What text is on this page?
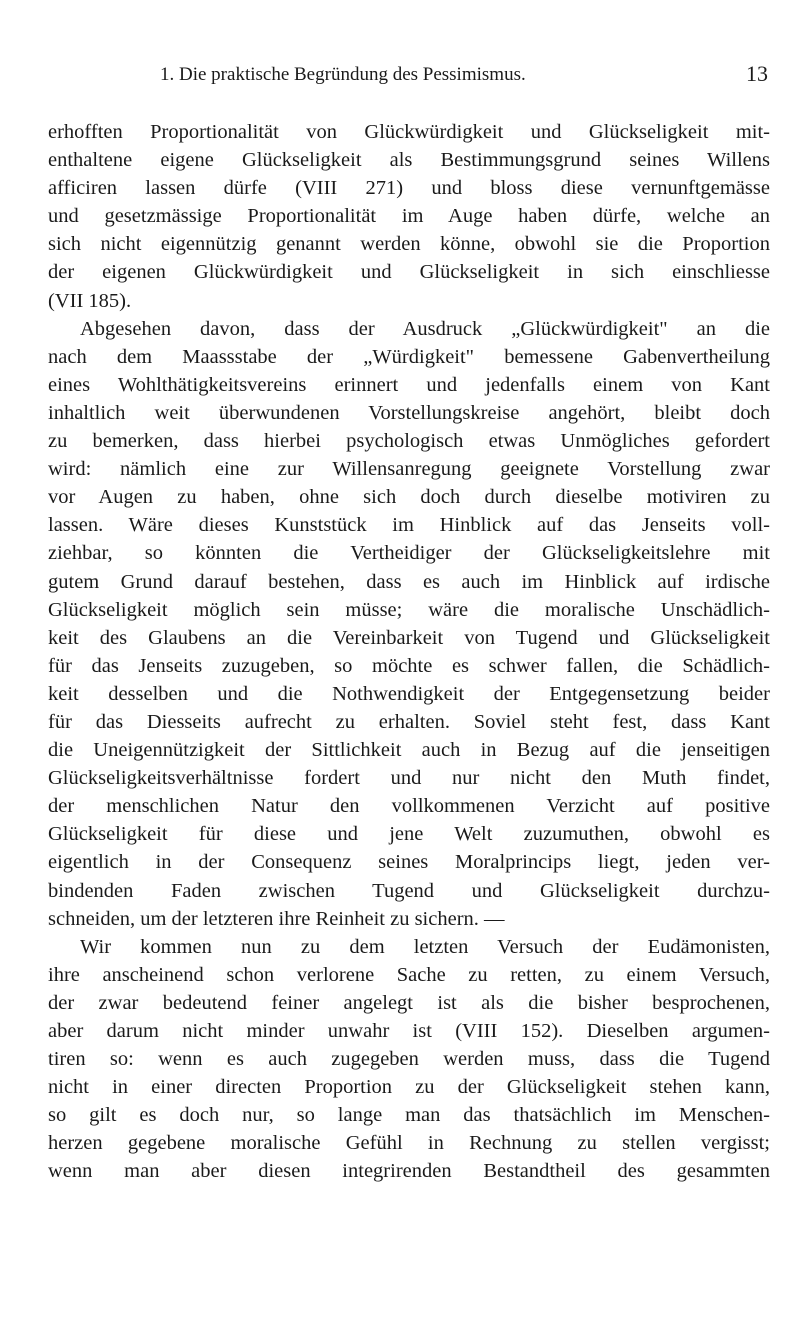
1. Die praktische Begründung des Pessimismus.	13
erhofften Proportionalität von Glückwürdigkeit und Glückseligkeit mit-
enthaltene eigene Glückseligkeit als Bestimmungsgrund seines Willens
afficiren lassen dürfe (VIII 271) und bloss diese vernunftgemässe
und gesetzmässige Proportionalität im Auge haben dürfe, welche an
sich nicht eigennützig genannt werden könne, obwohl sie die Proportion
der eigenen Glückwürdigkeit und Glückseligkeit in sich einschliesse
(VII 185).
Abgesehen davon, dass der Ausdruck „Glückwürdigkeit" an die
nach dem Maassstabe der „Würdigkeit" bemessene Gabenvertheilung
eines Wohlthätigkeitsvereins erinnert und jedenfalls einem von Kant
inhaltlich weit überwundenen Vorstellungskreise angehört, bleibt doch
zu bemerken, dass hierbei psychologisch etwas Unmögliches gefordert
wird: nämlich eine zur Willensanregung geeignete Vorstellung zwar
vor Augen zu haben, ohne sich doch durch dieselbe motiviren zu
lassen. Wäre dieses Kunststück im Hinblick auf das Jenseits voll-
ziehbar, so könnten die Vertheidiger der Glückseligkeitslehre mit
gutem Grund darauf bestehen, dass es auch im Hinblick auf irdische
Glückseligkeit möglich sein müsse; wäre die moralische Unschädlich-
keit des Glaubens an die Vereinbarkeit von Tugend und Glückseligkeit
für das Jenseits zuzugeben, so möchte es schwer fallen, die Schädlich-
keit desselben und die Nothwendigkeit der Entgegensetzung beider
für das Diesseits aufrecht zu erhalten. Soviel steht fest, dass Kant
die Uneigennützigkeit der Sittlichkeit auch in Bezug auf die jenseitigen
Glückseligkeitsverhältnisse fordert und nur nicht den Muth findet,
der menschlichen Natur den vollkommenen Verzicht auf positive
Glückseligkeit für diese und jene Welt zuzumuthen, obwohl es
eigentlich in der Consequenz seines Moralprincips liegt, jeden ver-
bindenden Faden zwischen Tugend und Glückseligkeit durchzu-
schneiden, um der letzteren ihre Reinheit zu sichern. —
Wir kommen nun zu dem letzten Versuch der Eudämonisten,
ihre anscheinend schon verlorene Sache zu retten, zu einem Versuch,
der zwar bedeutend feiner angelegt ist als die bisher besprochenen,
aber darum nicht minder unwahr ist (VIII 152). Dieselben argumen-
tiren so: wenn es auch zugegeben werden muss, dass die Tugend
nicht in einer directen Proportion zu der Glückseligkeit stehen kann,
so gilt es doch nur, so lange man das thatsächlich im Menschen-
herzen gegebene moralische Gefühl in Rechnung zu stellen vergisst;
wenn man aber diesen integrirenden Bestandtheil des gesammten
